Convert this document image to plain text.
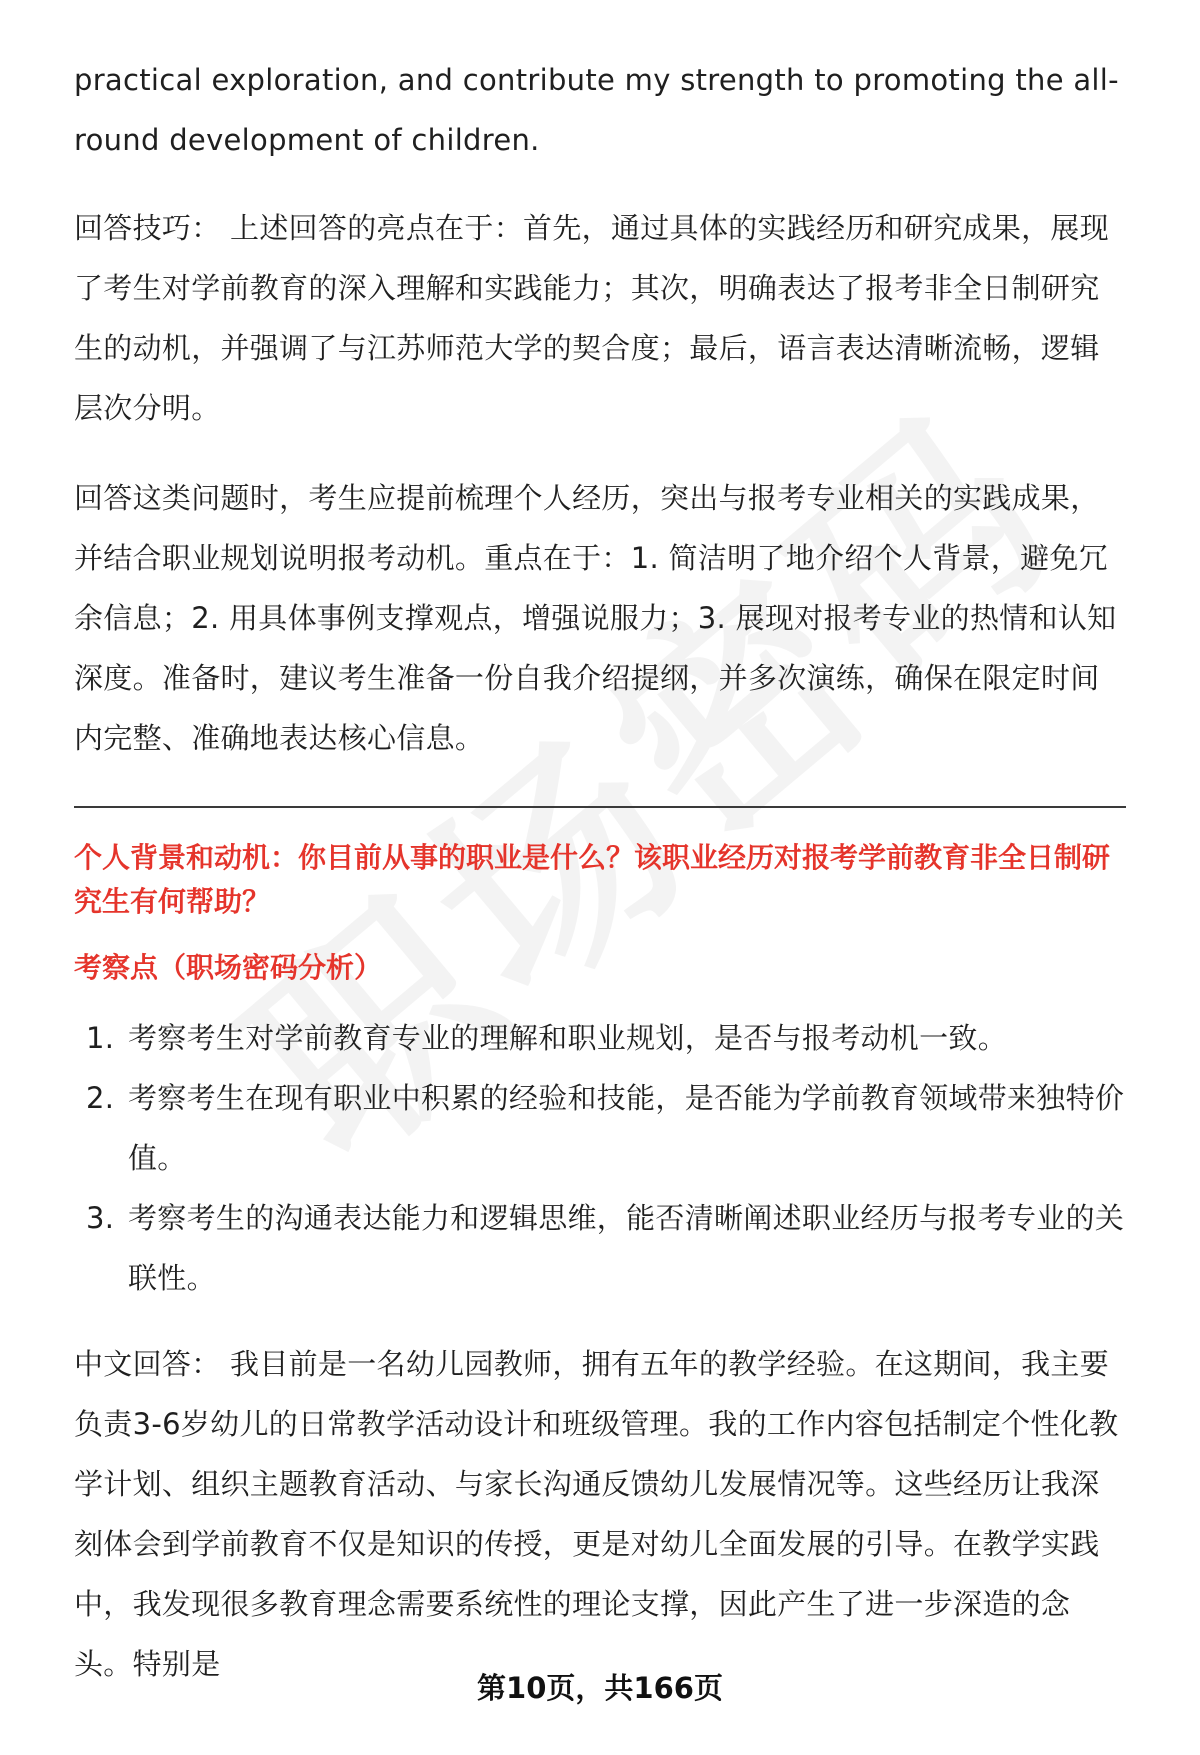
practical exploration, and contribute my strength to promoting the all-round development of children.

回答技巧： 上述回答的亮点在于：首先，通过具体的实践经历和研究成果，展现了考生对学前教育的深入理解和实践能力；其次，明确表达了报考非全日制研究生的动机，并强调了与江苏师范大学的契合度；最后，语言表达清晰流畅，逻辑层次分明。

回答这类问题时，考生应提前梳理个人经历，突出与报考专业相关的实践成果，并结合职业规划说明报考动机。重点在于：1. 简洁明了地介绍个人背景，避免冗余信息；2. 用具体事例支撑观点，增强说服力；3. 展现对报考专业的热情和认知深度。准备时，建议考生准备一份自我介绍提纲，并多次演练，确保在限定时间内完整、准确地表达核心信息。

个人背景和动机：你目前从事的职业是什么？该职业经历对报考学前教育非全日制研究生有何帮助？
考察点（职场密码分析）
1. 考察考生对学前教育专业的理解和职业规划，是否与报考动机一致。
2. 考察考生在现有职业中积累的经验和技能，是否能为学前教育领域带来独特价值。
3. 考察考生的沟通表达能力和逻辑思维，能否清晰阐述职业经历与报考专业的关联性。

中文回答： 我目前是一名幼儿园教师，拥有五年的教学经验。在这期间，我主要负责3-6岁幼儿的日常教学活动设计和班级管理。我的工作内容包括制定个性化教学计划、组织主题教育活动、与家长沟通反馈幼儿发展情况等。这些经历让我深刻体会到学前教育不仅是知识的传授，更是对幼儿全面发展的引导。在教学实践中，我发现很多教育理念需要系统性的理论支撑，因此产生了进一步深造的念头。特别是

第10页，共166页
